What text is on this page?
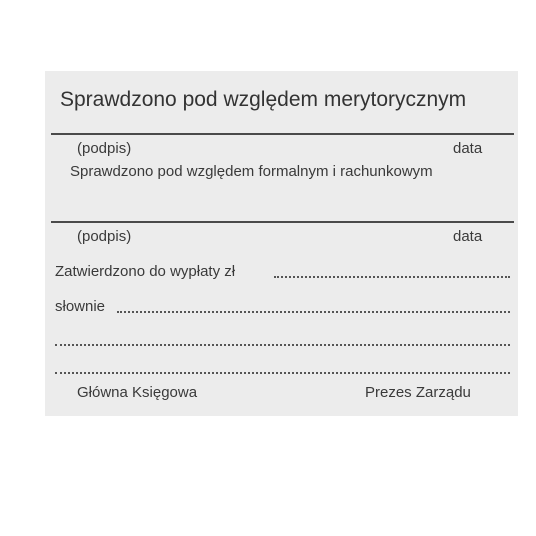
Sprawdzono pod względem merytorycznym
(podpis)	data
Sprawdzono pod względem formalnym i rachunkowym
(podpis)	data
Zatwierdzono do wypłaty zł
słownie
Główna Księgowa	Prezes Zarządu
